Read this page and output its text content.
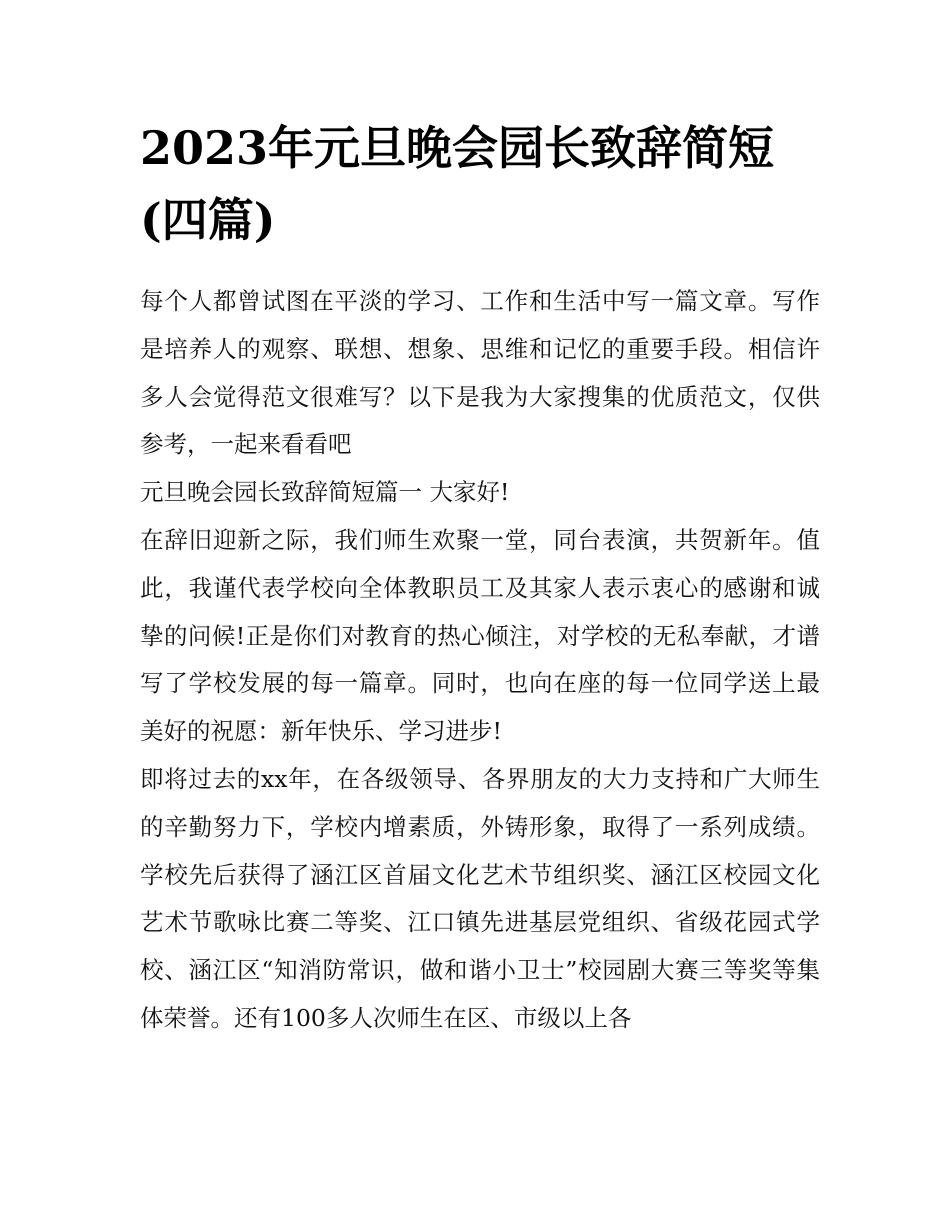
2023年元旦晚会园长致辞简短(四篇)

每个人都曾试图在平淡的学习、工作和生活中写一篇文章。写作是培养人的观察、联想、想象、思维和记忆的重要手段。相信许多人会觉得范文很难写？以下是我为大家搜集的优质范文，仅供参考，一起来看看吧

元旦晚会园长致辞简短篇一 大家好!

在辞旧迎新之际，我们师生欢聚一堂，同台表演，共贺新年。值此，我谨代表学校向全体教职员工及其家人表示衷心的感谢和诚挚的问候!正是你们对教育的热心倾注，对学校的无私奉献，才谱写了学校发展的每一篇章。同时，也向在座的每一位同学送上最美好的祝愿：新年快乐、学习进步!

即将过去的xx年，在各级领导、各界朋友的大力支持和广大师生的辛勤努力下，学校内增素质，外铸形象，取得了一系列成绩。学校先后获得了涵江区首届文化艺术节组织奖、涵江区校园文化艺术节歌咏比赛二等奖、江口镇先进基层党组织、省级花园式学校、涵江区“知消防常识，做和谐小卫士”校园剧大赛三等奖等集体荣誉。还有100多人次师生在区、市级以上各
